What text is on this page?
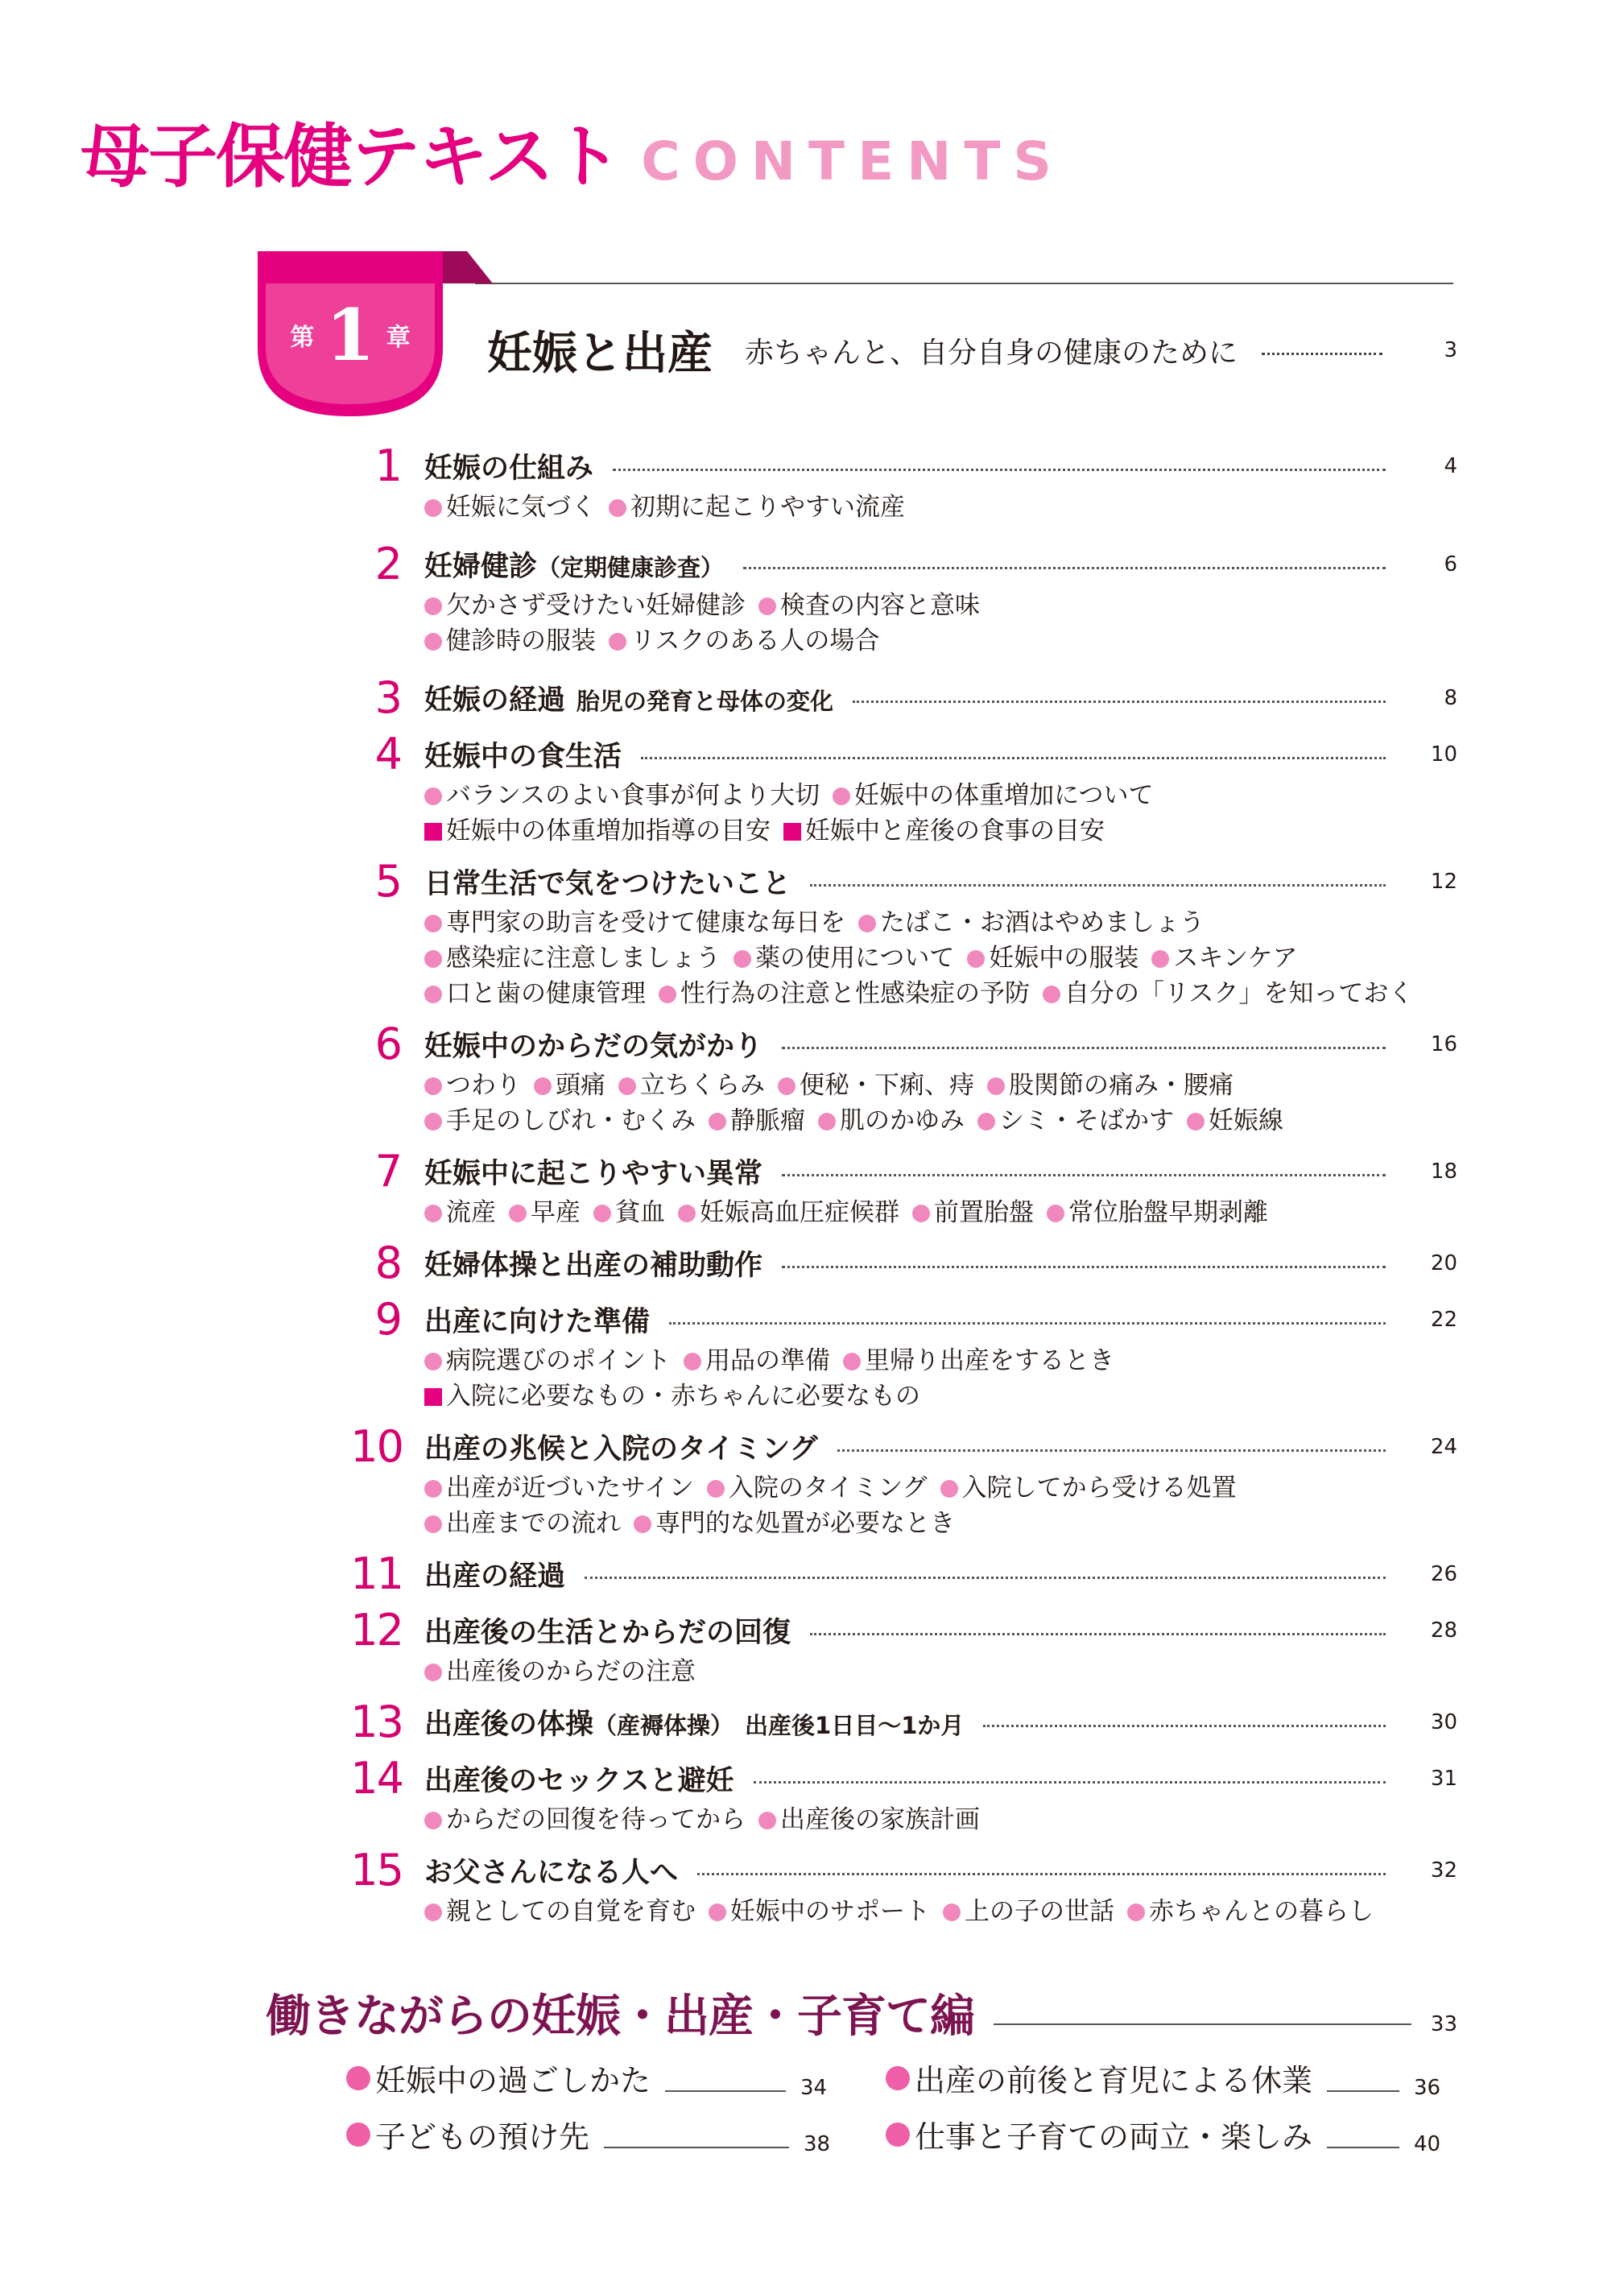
母子保健テキスト CONTENTS
第 1 章 妊娠と出産 赤ちゃんと、自分自身の健康のために	3
1 妊娠の仕組み	4
妊娠に気づく 初期に起こりやすい流産
2 妊婦健診（定期健康診査）	6
欠かさず受けたい妊婦健診 検査の内容と意味
健診時の服装 リスクのある人の場合
3 妊娠の経過 胎児の発育と母体の変化	8
4 妊娠中の食生活	10
バランスのよい食事が何より大切 妊娠中の体重増加について
妊娠中の体重増加指導の目安 妊娠中と産後の食事の目安
5 日常生活で気をつけたいこと	12
専門家の助言を受けて健康な毎日を たばこ・お酒はやめましょう
感染症に注意しましょう 薬の使用について 妊娠中の服装 スキンケア
口と歯の健康管理 性行為の注意と性感染症の予防 自分の「リスク」を知っておく
6 妊娠中のからだの気がかり	16
つわり 頭痛 立ちくらみ 便秘・下痢、痔 股関節の痛み・腰痛
手足のしびれ・むくみ 静脈瘤 肌のかゆみ シミ・そばかす 妊娠線
7 妊娠中に起こりやすい異常	18
流産 早産 貧血 妊娠高血圧症候群 前置胎盤 常位胎盤早期剥離
8 妊婦体操と出産の補助動作	20
9 出産に向けた準備	22
病院選びのポイント 用品の準備 里帰り出産をするとき
入院に必要なもの・赤ちゃんに必要なもの
10 出産の兆候と入院のタイミング	24
出産が近づいたサイン 入院のタイミング 入院してから受ける処置
出産までの流れ 専門的な処置が必要なとき
11 出産の経過	26
12 出産後の生活とからだの回復	28
出産後のからだの注意
13 出産後の体操（産褥体操） 出産後1日目〜1か月	30
14 出産後のセックスと避妊	31
からだの回復を待ってから 出産後の家族計画
15 お父さんになる人へ	32
親としての自覚を育む 妊娠中のサポート 上の子の世話 赤ちゃんとの暮らし
働きながらの妊娠・出産・子育て編	33
妊娠中の過ごしかた	34	出産の前後と育児による休業	36
子どもの預け先	38	仕事と子育ての両立・楽しみ	40
